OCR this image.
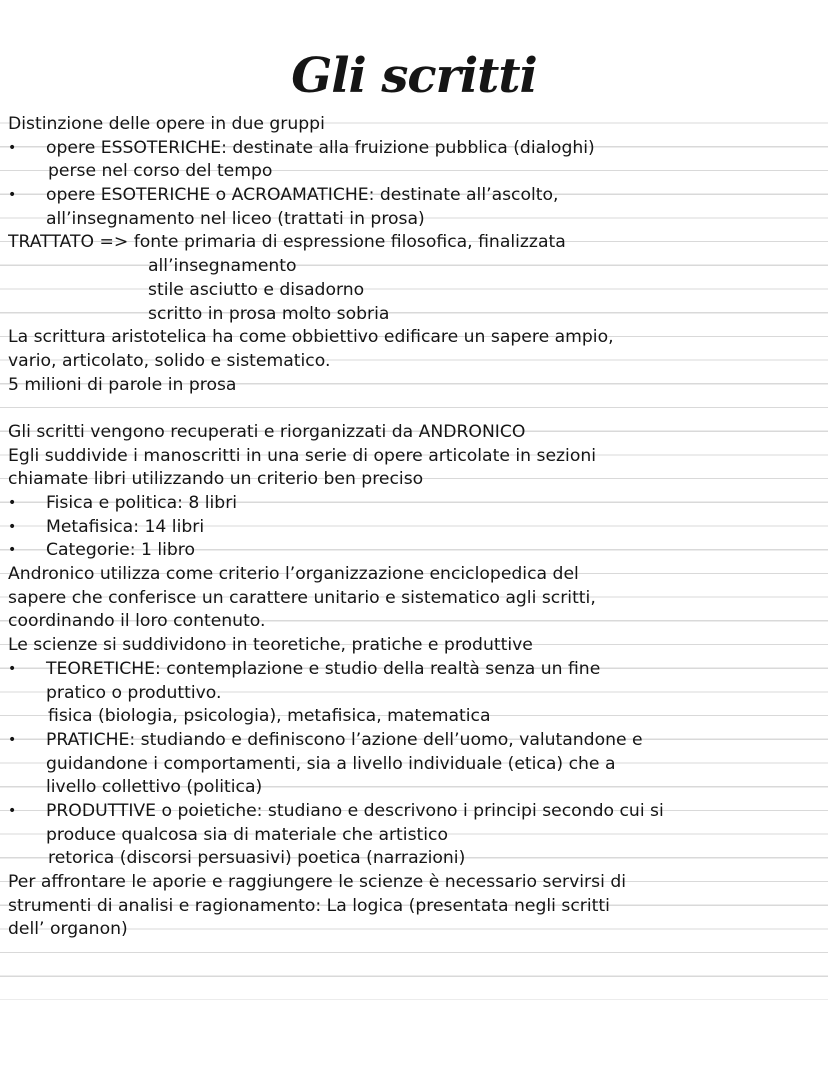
Gli scritti
Distinzione delle opere in due gruppi
•	opere ESSOTERICHE: destinate alla fruizione pubblica (dialoghi)
perse nel corso del tempo
•	opere ESOTERICHE o ACROAMATICHE: destinate all’ascolto,
all’insegnamento nel liceo (trattati in prosa)
TRATTATO => fonte primaria di espressione filosofica, finalizzata
all’insegnamento
stile asciutto e disadorno
scritto in prosa molto sobria
La scrittura aristotelica ha come obbiettivo edificare un sapere ampio,
vario, articolato, solido e sistematico.
5 milioni di parole in prosa
Gli scritti vengono recuperati e riorganizzati da ANDRONICO
Egli suddivide i manoscritti in una serie di opere articolate in sezioni
chiamate libri utilizzando un criterio ben preciso
•	Fisica e politica: 8 libri
•	Metafisica: 14 libri
•	Categorie: 1 libro
Andronico utilizza come criterio l’organizzazione enciclopedica del
sapere che conferisce un carattere unitario e sistematico agli scritti,
coordinando il loro contenuto.
Le scienze si suddividono in teoretiche, pratiche e produttive
•	TEORETICHE: contemplazione e studio della realtà senza un fine
pratico o produttivo.
fisica (biologia, psicologia), metafisica, matematica
•	PRATICHE: studiando e definiscono l’azione dell’uomo, valutandone e
guidandone i comportamenti, sia a livello individuale (etica) che a
livello collettivo (politica)
•	PRODUTTIVE o poietiche: studiano e descrivono i principi secondo cui si
produce qualcosa sia di materiale che artistico
retorica (discorsi persuasivi) poetica (narrazioni)
Per affrontare le aporie e raggiungere le scienze è necessario servirsi di
strumenti di analisi e ragionamento: La logica (presentata negli scritti
dell’ organon)
